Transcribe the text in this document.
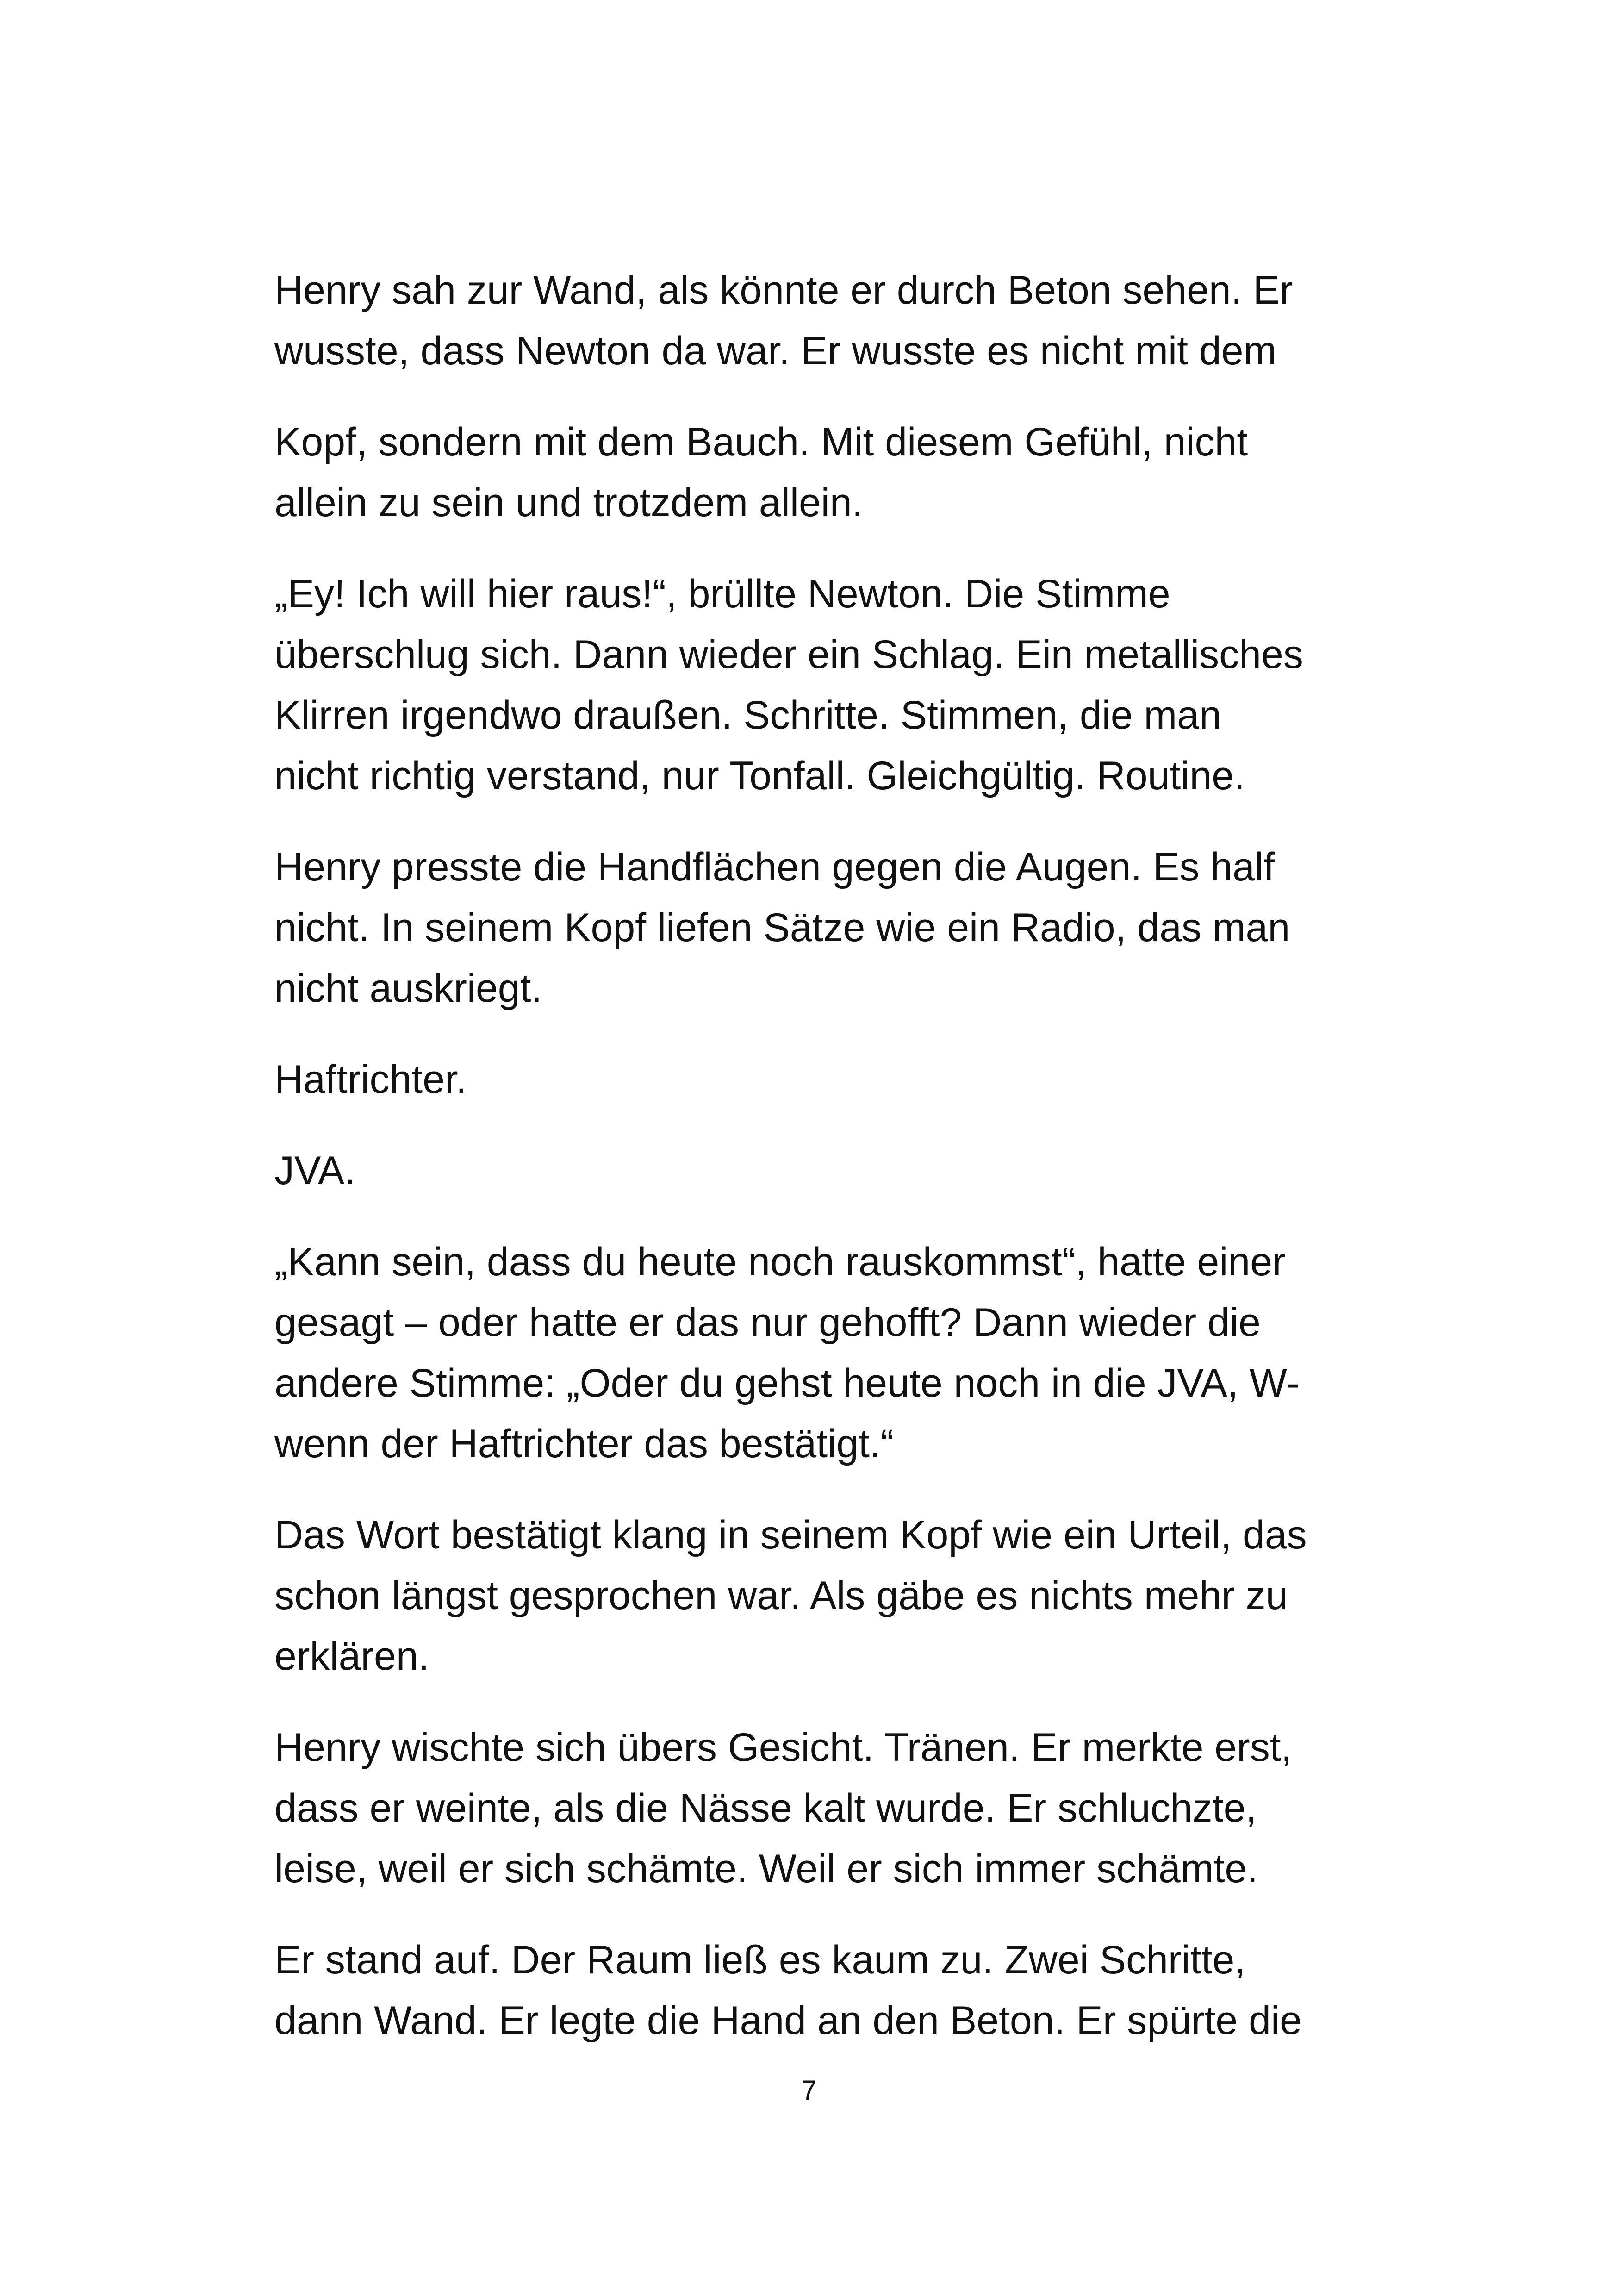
Henry sah zur Wand, als könnte er durch Beton sehen. Er
wusste, dass Newton da war. Er wusste es nicht mit dem

Kopf, sondern mit dem Bauch. Mit diesem Gefühl, nicht
allein zu sein und trotzdem allein.

„Ey! Ich will hier raus!“, brüllte Newton. Die Stimme
überschlug sich. Dann wieder ein Schlag. Ein metallisches
Klirren irgendwo draußen. Schritte. Stimmen, die man
nicht richtig verstand, nur Tonfall. Gleichgültig. Routine.

Henry presste die Handflächen gegen die Augen. Es half
nicht. In seinem Kopf liefen Sätze wie ein Radio, das man
nicht auskriegt.

Haftrichter.

JVA.

„Kann sein, dass du heute noch rauskommst“, hatte einer
gesagt – oder hatte er das nur gehofft? Dann wieder die
andere Stimme: „Oder du gehst heute noch in die JVA, W-
wenn der Haftrichter das bestätigt.“

Das Wort bestätigt klang in seinem Kopf wie ein Urteil, das
schon längst gesprochen war. Als gäbe es nichts mehr zu
erklären.

Henry wischte sich übers Gesicht. Tränen. Er merkte erst,
dass er weinte, als die Nässe kalt wurde. Er schluchzte,
leise, weil er sich schämte. Weil er sich immer schämte.

Er stand auf. Der Raum ließ es kaum zu. Zwei Schritte,
dann Wand. Er legte die Hand an den Beton. Er spürte die

7
